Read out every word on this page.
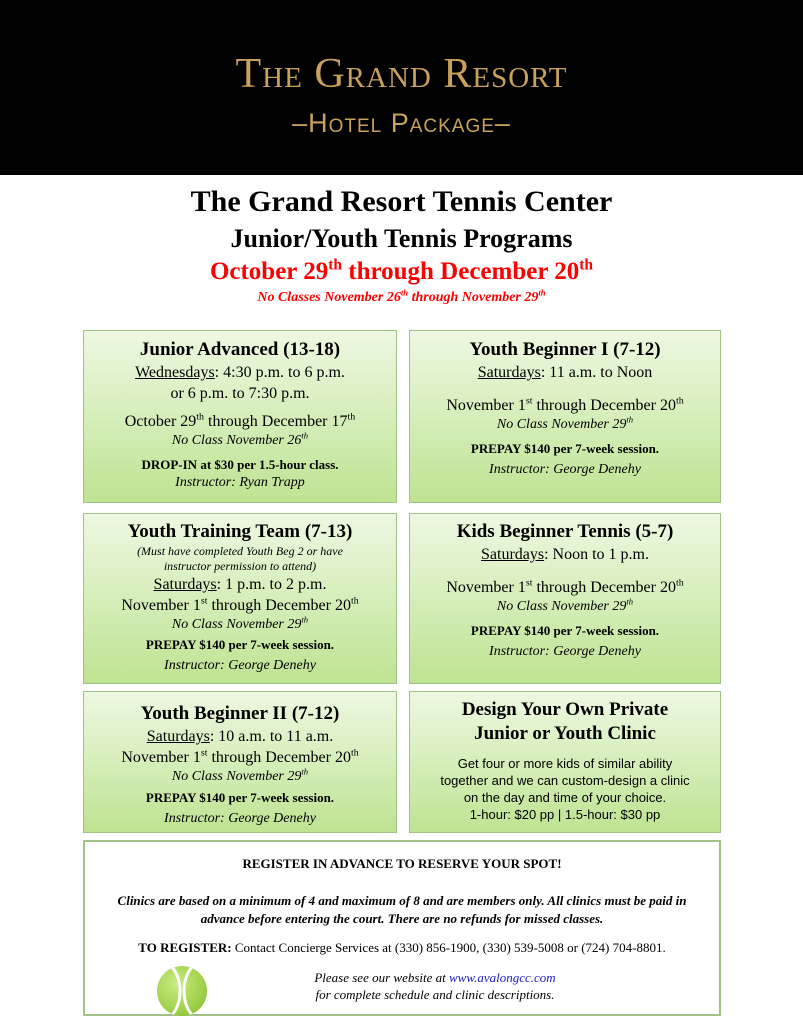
The Grand Resort
–Hotel Package–
The Grand Resort Tennis Center
Junior/Youth Tennis Programs
October 29th through December 20th
No Classes November 26th through November 29th
Junior Advanced (13-18)
Wednesdays: 4:30 p.m. to 6 p.m.
or 6 p.m. to 7:30 p.m.
October 29th through December 17th
No Class November 26th
DROP-IN at $30 per 1.5-hour class.
Instructor: Ryan Trapp
Youth Beginner I (7-12)
Saturdays: 11 a.m. to Noon
November 1st through December 20th
No Class November 29th
PREPAY $140 per 7-week session.
Instructor: George Denehy
Youth Training Team (7-13)
(Must have completed Youth Beg 2 or have
instructor permission to attend)
Saturdays: 1 p.m. to 2 p.m.
November 1st through December 20th
No Class November 29th
PREPAY $140 per 7-week session.
Instructor: George Denehy
Kids Beginner Tennis (5-7)
Saturdays: Noon to 1 p.m.
November 1st through December 20th
No Class November 29th
PREPAY $140 per 7-week session.
Instructor: George Denehy
Youth Beginner II (7-12)
Saturdays: 10 a.m. to 11 a.m.
November 1st through December 20th
No Class November 29th
PREPAY $140 per 7-week session.
Instructor: George Denehy
Design Your Own Private
Junior or Youth Clinic
Get four or more kids of similar ability
together and we can custom-design a clinic
on the day and time of your choice.
1-hour: $20 pp | 1.5-hour: $30 pp
REGISTER IN ADVANCE TO RESERVE YOUR SPOT!
Clinics are based on a minimum of 4 and maximum of 8 and are members only. All clinics must be paid in advance before entering the court. There are no refunds for missed classes.
TO REGISTER: Contact Concierge Services at (330) 856-1900, (330) 539-5008 or (724) 704-8801.
Please see our website at www.avalongcc.com
for complete schedule and clinic descriptions.
